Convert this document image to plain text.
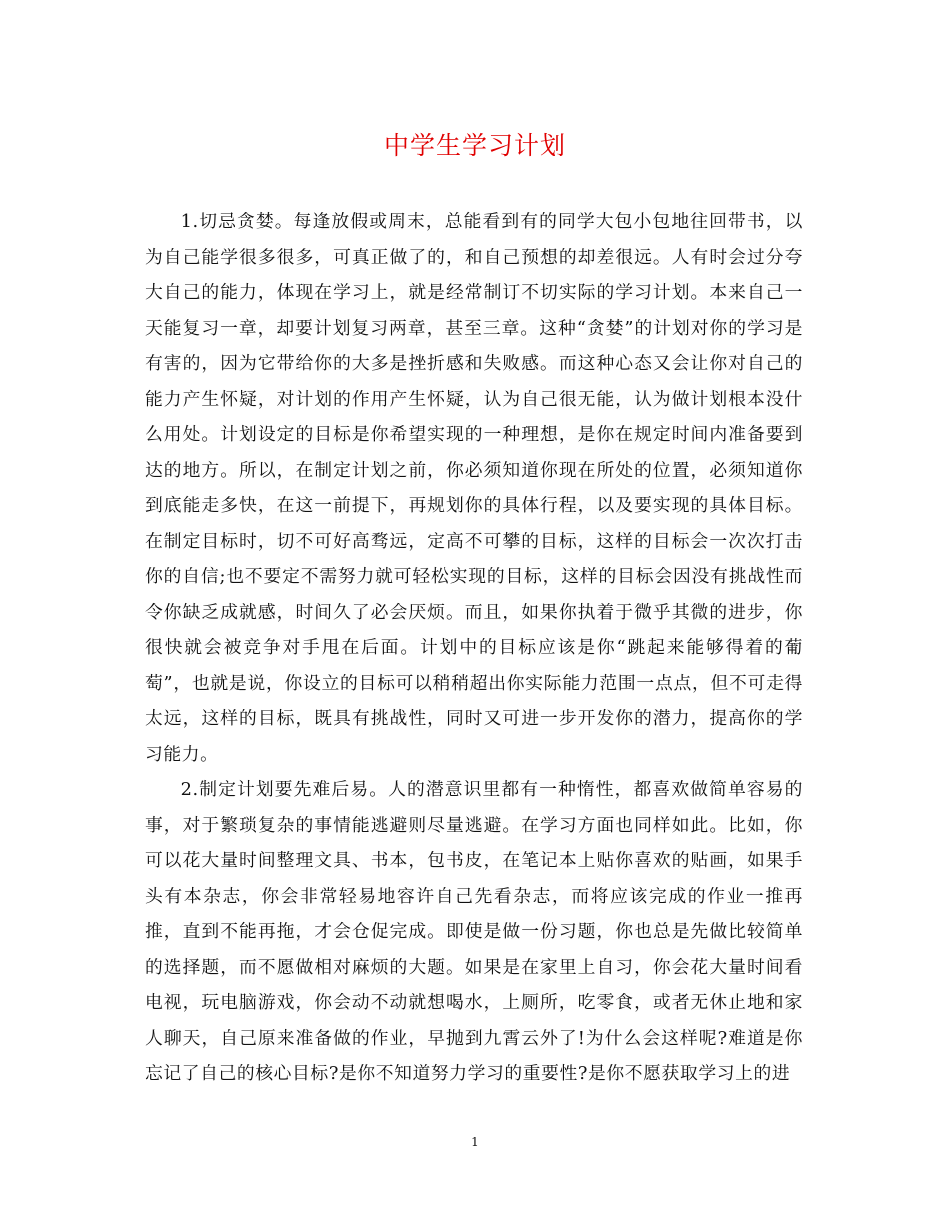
中学生学习计划

1.切忌贪婪。每逢放假或周末，总能看到有的同学大包小包地往回带书，以为自己能学很多很多，可真正做了的，和自己预想的却差很远。人有时会过分夸大自己的能力，体现在学习上，就是经常制订不切实际的学习计划。本来自己一天能复习一章，却要计划复习两章，甚至三章。这种“贪婪”的计划对你的学习是有害的，因为它带给你的大多是挫折感和失败感。而这种心态又会让你对自己的能力产生怀疑，对计划的作用产生怀疑，认为自己很无能，认为做计划根本没什么用处。计划设定的目标是你希望实现的一种理想，是你在规定时间内准备要到达的地方。所以，在制定计划之前，你必须知道你现在所处的位置，必须知道你到底能走多快，在这一前提下，再规划你的具体行程，以及要实现的具体目标。在制定目标时，切不可好高骛远，定高不可攀的目标，这样的目标会一次次打击你的自信;也不要定不需努力就可轻松实现的目标，这样的目标会因没有挑战性而令你缺乏成就感，时间久了必会厌烦。而且，如果你执着于微乎其微的进步，你很快就会被竞争对手甩在后面。计划中的目标应该是你“跳起来能够得着的葡萄”，也就是说，你设立的目标可以稍稍超出你实际能力范围一点点，但不可走得太远，这样的目标，既具有挑战性，同时又可进一步开发你的潜力，提高你的学习能力。

2.制定计划要先难后易。人的潜意识里都有一种惰性，都喜欢做简单容易的事，对于繁琐复杂的事情能逃避则尽量逃避。在学习方面也同样如此。比如，你可以花大量时间整理文具、书本，包书皮，在笔记本上贴你喜欢的贴画，如果手头有本杂志，你会非常轻易地容许自己先看杂志，而将应该完成的作业一推再推，直到不能再拖，才会仓促完成。即使是做一份习题，你也总是先做比较简单的选择题，而不愿做相对麻烦的大题。如果是在家里上自习，你会花大量时间看电视，玩电脑游戏，你会动不动就想喝水，上厕所，吃零食，或者无休止地和家人聊天，自己原来准备做的作业，早抛到九霄云外了!为什么会这样呢?难道是你忘记了自己的核心目标?是你不知道努力学习的重要性?是你不愿获取学习上的进

1
